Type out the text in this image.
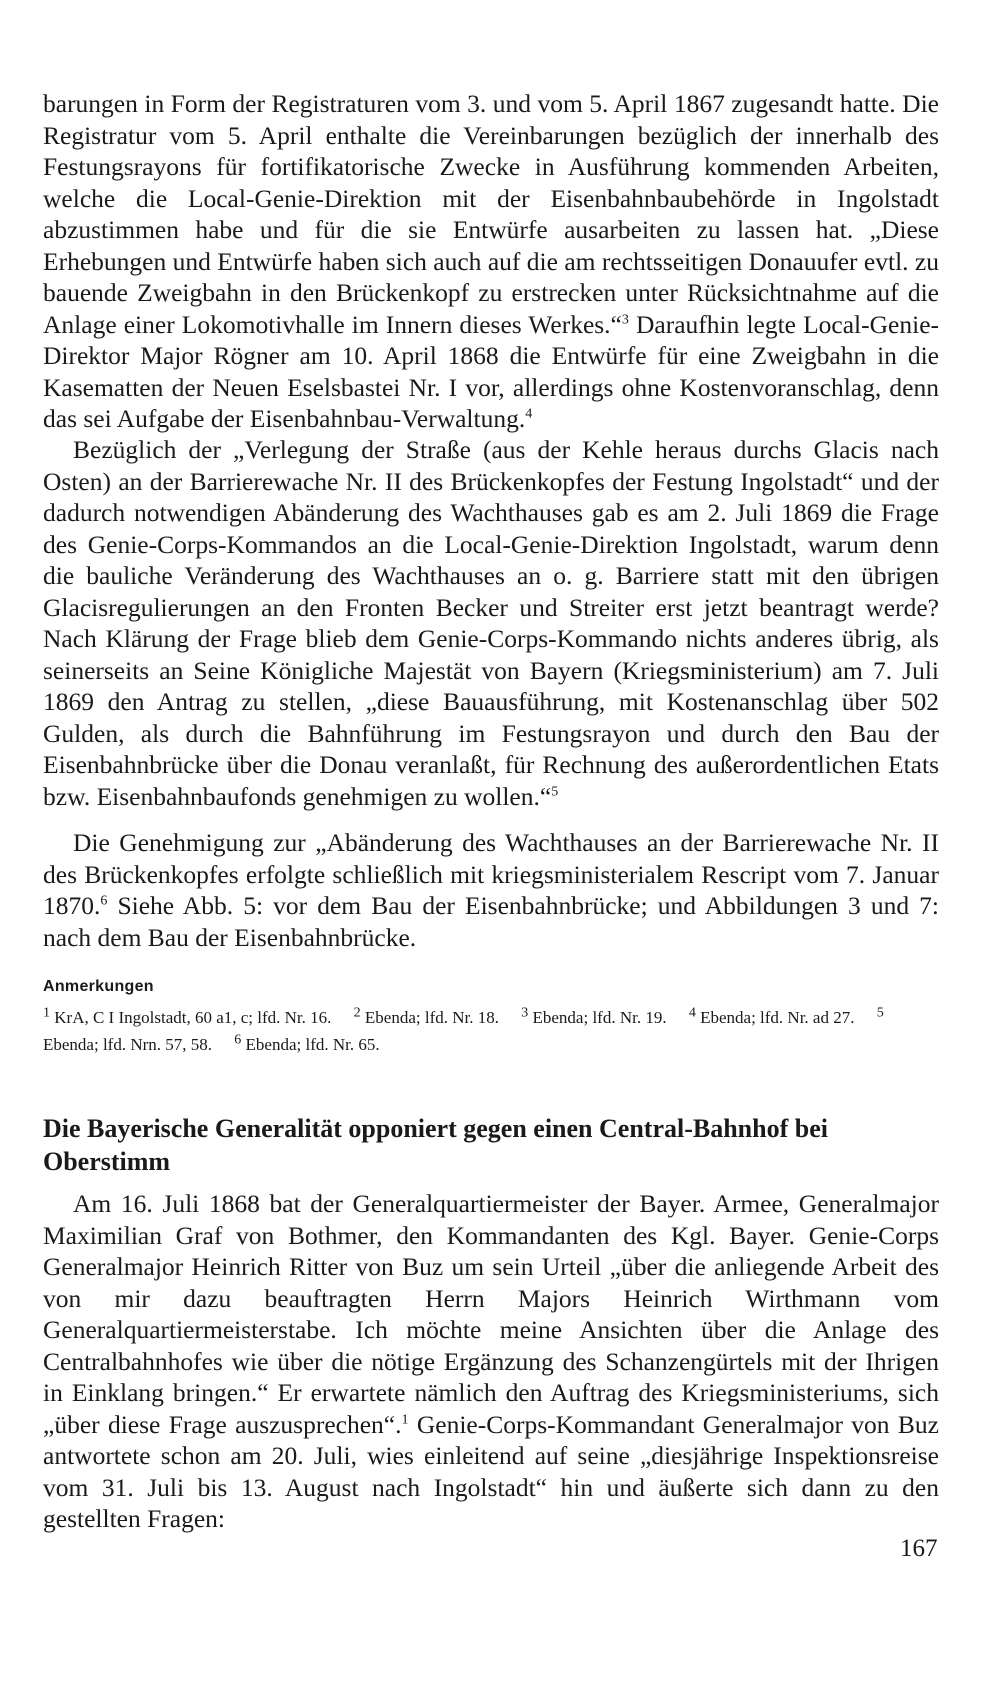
barungen in Form der Registraturen vom 3. und vom 5. April 1867 zugesandt hatte. Die Registratur vom 5. April enthalte die Vereinbarungen bezüglich der innerhalb des Festungsrayons für fortifikatorische Zwecke in Ausführung kommenden Arbeiten, welche die Local-Genie-Direktion mit der Eisenbahnbaubehörde in Ingolstadt abzustimmen habe und für die sie Entwürfe ausarbeiten zu lassen hat. „Diese Erhebungen und Entwürfe haben sich auch auf die am rechtsseitigen Donauufer evtl. zu bauende Zweigbahn in den Brückenkopf zu erstrecken unter Rücksichtnahme auf die Anlage einer Lokomotivhalle im Innern dieses Werkes.“$^3$ Daraufhin legte Local-Genie-Direktor Major Rögner am 10. April 1868 die Entwürfe für eine Zweigbahn in die Kasematten der Neuen Eselsbastei Nr. I vor, allerdings ohne Kostenvoranschlag, denn das sei Aufgabe der Eisenbahnbau-Verwaltung.$^4$

Bezüglich der „Verlegung der Straße (aus der Kehle heraus durchs Glacis nach Osten) an der Barrierewache Nr. II des Brückenkopfes der Festung Ingolstadt“ und der dadurch notwendigen Abänderung des Wachthauses gab es am 2. Juli 1869 die Frage des Genie-Corps-Kommandos an die Local-Genie-Direktion Ingolstadt, warum denn die bauliche Veränderung des Wachthauses an o. g. Barriere statt mit den übrigen Glacisregulierungen an den Fronten Becker und Streiter erst jetzt beantragt werde? Nach Klärung der Frage blieb dem Genie-Corps-Kommando nichts anderes übrig, als seinerseits an Seine Königliche Majestät von Bayern (Kriegsministerium) am 7. Juli 1869 den Antrag zu stellen, „diese Bauausführung, mit Kostenanschlag über 502 Gulden, als durch die Bahnführung im Festungsrayon und durch den Bau der Eisenbahnbrücke über die Donau veranlaßt, für Rechnung des außerordentlichen Etats bzw. Eisenbahnbaufonds genehmigen zu wollen.“$^5$

Die Genehmigung zur „Abänderung des Wachthauses an der Barrierewache Nr. II des Brückenkopfes erfolgte schließlich mit kriegsministerialem Rescript vom 7. Januar 1870.$^6$ Siehe Abb. 5: vor dem Bau der Eisenbahnbrücke; und Abbildungen 3 und 7: nach dem Bau der Eisenbahnbrücke.

Anmerkungen
$^1$ KrA, C I Ingolstadt, 60 a1, c; lfd. Nr. 16. $^2$ Ebenda; lfd. Nr. 18. $^3$ Ebenda; lfd. Nr. 19. $^4$ Ebenda; lfd. Nr. ad 27. $^5$ Ebenda; lfd. Nrn. 57, 58. $^6$ Ebenda; lfd. Nr. 65.
Die Bayerische Generalität opponiert gegen einen Central-Bahnhof bei Oberstimm

Am 16. Juli 1868 bat der Generalquartiermeister der Bayer. Armee, Generalmajor Maximilian Graf von Bothmer, den Kommandanten des Kgl. Bayer. Genie-Corps Generalmajor Heinrich Ritter von Buz um sein Urteil „über die anliegende Arbeit des von mir dazu beauftragten Herrn Majors Heinrich Wirthmann vom Generalquartiermeisterstabe. Ich möchte meine Ansichten über die Anlage des Centralbahnhofes wie über die nötige Ergänzung des Schanzengürtels mit der Ihrigen in Einklang bringen.“ Er erwartete nämlich den Auftrag des Kriegsministeriums, sich „über diese Frage auszusprechen“.$^1$ Genie-Corps-Kommandant Generalmajor von Buz antwortete schon am 20. Juli, wies einleitend auf seine „diesjährige Inspektionsreise vom 31. Juli bis 13. August nach Ingolstadt“ hin und äußerte sich dann zu den gestellten Fragen:

167
